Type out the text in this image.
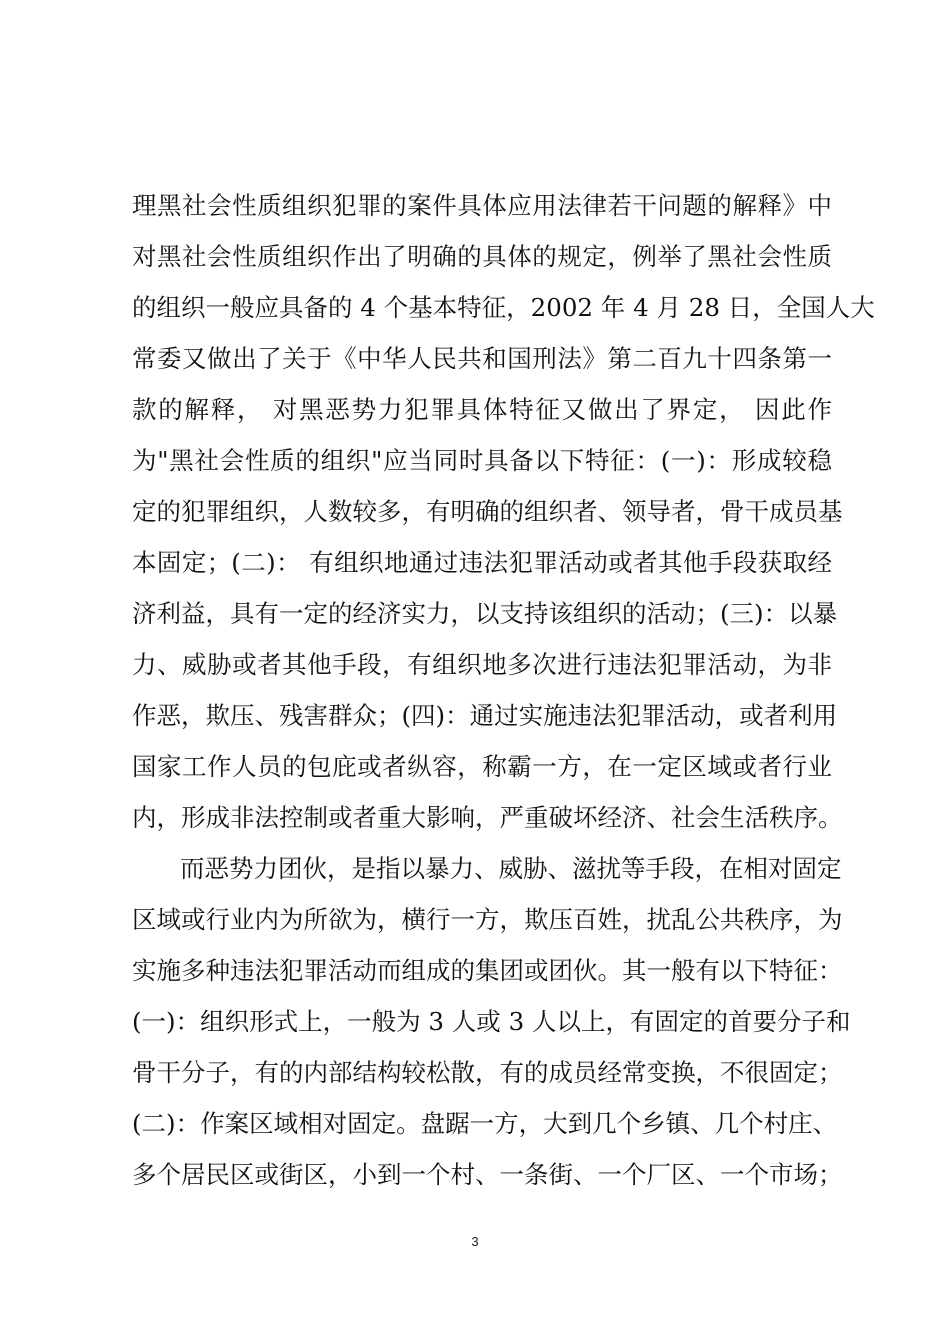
理黑社会性质组织犯罪的案件具体应用法律若干问题的解释》中
对黑社会性质组织作出了明确的具体的规定，例举了黑社会性质
的组织一般应具备的 4 个基本特征，2002 年 4 月 28 日，全国人大
常委又做出了关于《中华人民共和国刑法》第二百九十四条第一
款的解释， 对黑恶势力犯罪具体特征又做出了界定， 因此作
为"黑社会性质的组织"应当同时具备以下特征：(一)：形成较稳
定的犯罪组织，人数较多，有明确的组织者、领导者，骨干成员基
本固定；(二)： 有组织地通过违法犯罪活动或者其他手段获取经
济利益，具有一定的经济实力，以支持该组织的活动；(三)：以暴
力、威胁或者其他手段，有组织地多次进行违法犯罪活动，为非
作恶，欺压、残害群众；(四)：通过实施违法犯罪活动，或者利用
国家工作人员的包庇或者纵容，称霸一方，在一定区域或者行业
内，形成非法控制或者重大影响，严重破坏经济、社会生活秩序。
而恶势力团伙，是指以暴力、威胁、滋扰等手段，在相对固定
区域或行业内为所欲为，横行一方，欺压百姓，扰乱公共秩序，为
实施多种违法犯罪活动而组成的集团或团伙。其一般有以下特征：
(一)：组织形式上，一般为 3 人或 3 人以上，有固定的首要分子和
骨干分子，有的内部结构较松散，有的成员经常变换，不很固定；
(二)：作案区域相对固定。盘踞一方，大到几个乡镇、几个村庄、
多个居民区或街区，小到一个村、一条街、一个厂区、一个市场；
3
